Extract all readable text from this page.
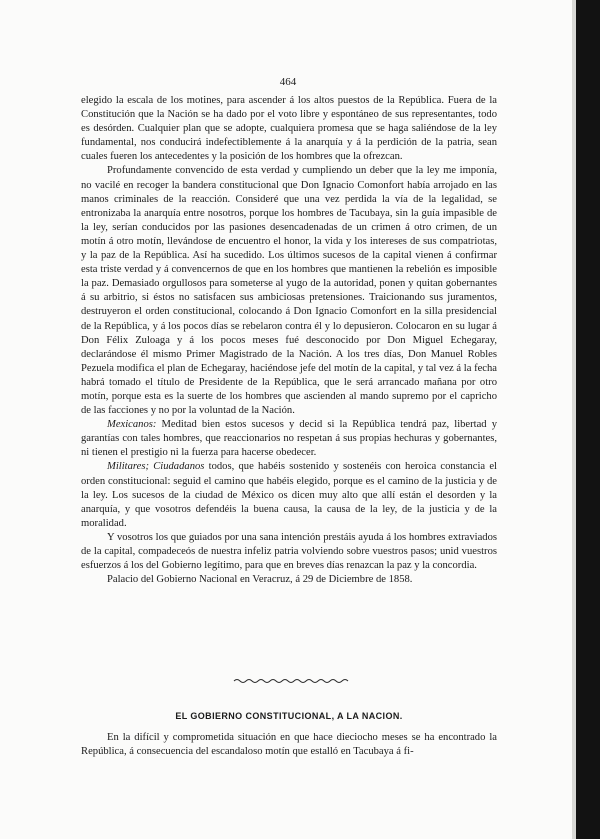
464

elegido la escala de los motines, para ascender á los altos puestos de la República. Fuera de la Constitución que la Nación se ha dado por el voto libre y espontáneo de sus representantes, todo es desórden. Cualquier plan que se adopte, cualquiera promesa que se haga saliéndose de la ley fundamental, nos conducirá indefectiblemente á la anarquía y á la perdición de la patria, sean cuales fueren los antecedentes y la posición de los hombres que la ofrezcan.

Profundamente convencido de esta verdad y cumpliendo un deber que la ley me imponía, no vacilé en recoger la bandera constitucional que Don Ignacio Comonfort había arrojado en las manos criminales de la reacción. Consideré que una vez perdida la vía de la legalidad, se entronizaba la anarquía entre nosotros, porque los hombres de Tacubaya, sin la guía impasible de la ley, serían conducidos por las pasiones desencadenadas de un crimen á otro crimen, de un motín á otro motín, llevándose de encuentro el honor, la vida y los intereses de sus compatriotas, y la paz de la República. Así ha sucedido. Los últimos sucesos de la capital vienen á confirmar esta triste verdad y á convencernos de que en los hombres que mantienen la rebelión es imposible la paz. Demasiado orgullosos para someterse al yugo de la autoridad, ponen y quitan gobernantes á su arbitrio, si éstos no satisfacen sus ambiciosas pretensiones. Traicionando sus juramentos, destruyeron el orden constitucional, colocando á Don Ignacio Comonfort en la silla presidencial de la República, y á los pocos días se rebelaron contra él y lo depusieron. Colocaron en su lugar á Don Félix Zuloaga y á los pocos meses fué desconocido por Don Miguel Echegaray, declarándose él mismo Primer Magistrado de la Nación. A los tres días, Don Manuel Robles Pezuela modifica el plan de Echegaray, haciéndose jefe del motín de la capital, y tal vez á la fecha habrá tomado el título de Presidente de la República, que le será arrancado mañana por otro motín, porque esta es la suerte de los hombres que ascienden al mando supremo por el capricho de las facciones y no por la voluntad de la Nación.

Mexicanos: Meditad bien estos sucesos y decid si la República tendrá paz, libertad y garantías con tales hombres, que reaccionarios no respetan á sus propias hechuras y gobernantes, ni tienen el prestigio ni la fuerza para hacerse obedecer.

Militares; Ciudadanos todos, que habéis sostenido y sostenéis con heroica constancia el orden constitucional: seguid el camino que habéis elegido, porque es el camino de la justicia y de la ley. Los sucesos de la ciudad de México os dicen muy alto que allí están el desorden y la anarquía, y que vosotros defendéis la buena causa, la causa de la ley, de la justicia y de la moralidad.

Y vosotros los que guiados por una sana intención prestáis ayuda á los hombres extraviados de la capital, compadeceós de nuestra infeliz patria volviendo sobre vuestros pasos; unid vuestros esfuerzos á los del Gobierno legítimo, para que en breves días renazcan la paz y la concordia.

Palacio del Gobierno Nacional en Veracruz, á 29 de Diciembre de 1858.

EL GOBIERNO CONSTITUCIONAL, A LA NACION.

En la difícil y comprometida situación en que hace dieciocho meses se ha encontrado la República, á consecuencia del escandaloso motín que estalló en Tacubaya á fi-
